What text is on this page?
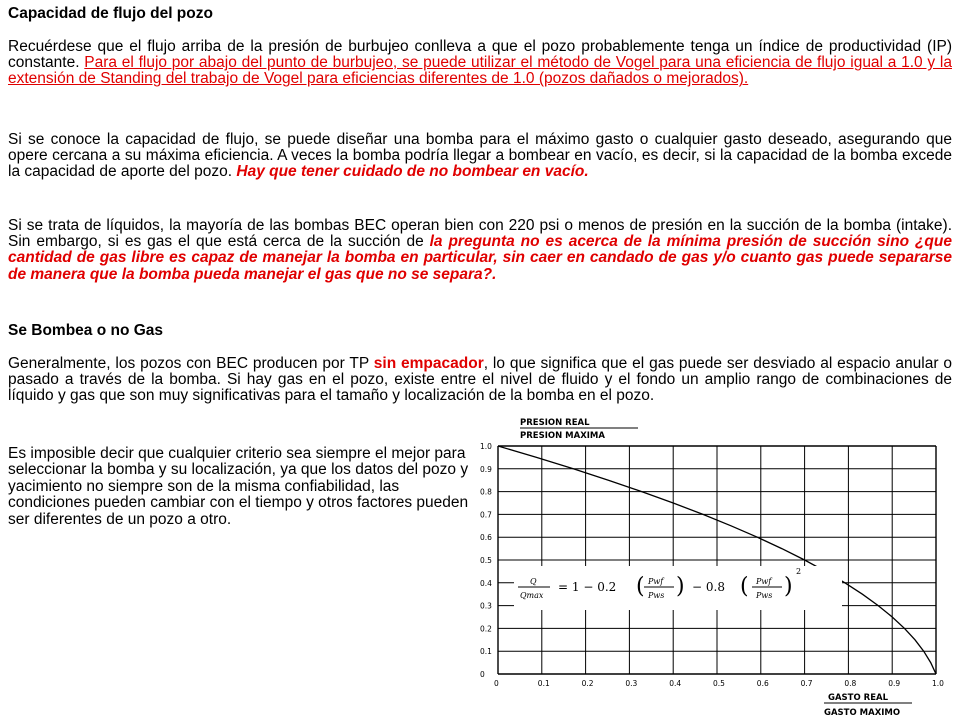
Capacidad de flujo del pozo

Recuérdese que el flujo arriba de la presión de burbujeo conlleva a que el pozo probablemente tenga un índice de productividad (IP) constante. Para el flujo por abajo del punto de burbujeo, se puede utilizar el método de Vogel para una eficiencia de flujo igual a 1.0 y la extensión de Standing del trabajo de Vogel para eficiencias diferentes de 1.0 (pozos dañados o mejorados).

Si se conoce la capacidad de flujo, se puede diseñar una bomba para el máximo gasto o cualquier gasto deseado, asegurando que opere cercana a su máxima eficiencia. A veces la bomba podría llegar a bombear en vacío, es decir, si la capacidad de la bomba excede la capacidad de aporte del pozo. Hay que tener cuidado de no bombear en vacío.

Si se trata de líquidos, la mayoría de las bombas BEC operan bien con 220 psi o menos de presión en la succión de la bomba (intake). Sin embargo, si es gas el que está cerca de la succión de la pregunta no es acerca de la mínima presión de succión sino ¿que cantidad de gas libre es capaz de manejar la bomba en particular, sin caer en candado de gas y/o cuanto gas puede separarse de manera que la bomba pueda manejar el gas que no se separa?.

Se Bombea o no Gas

Generalmente, los pozos con BEC producen por TP sin empacador, lo que significa que el gas puede ser desviado al espacio anular o pasado a través de la bomba. Si hay gas en el pozo, existe entre el nivel de fluido y el fondo un amplio rango de combinaciones de líquido y gas que son muy significativas para el tamaño y localización de la bomba en el pozo.

Es imposible decir que cualquier criterio sea siempre el mejor para seleccionar la bomba y su localización, ya que los datos del pozo y yacimiento no siempre son de la misma confiabilidad, las condiciones pueden cambiar con el tiempo y otros factores pueden ser diferentes de un pozo a otro.

0
0.1
0.2
0.3
0.4
0.5
0.6
0.7
0.8
0.9
1.0
0	0.1	0.2	0.3	0.4	0.5	0.6	0.7	0.8	0.9	1.0
PRESION REAL
PRESION MAXIMA
Q
Qmax
= 1 − 0.2 ( Pwf
Pws ) − 0.8 ( Pwf
Pws )
2
GASTO REAL
GASTO MAXIMO
